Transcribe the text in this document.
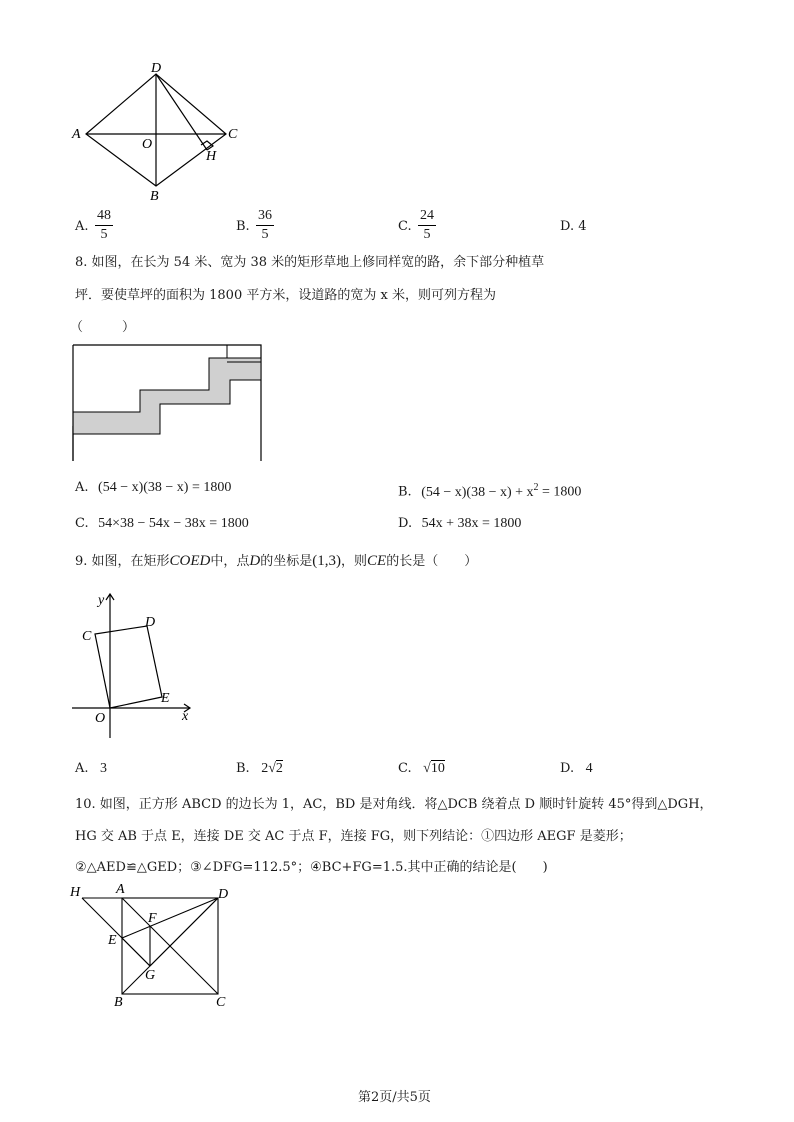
D
A	C
O
H
B
A.
48
5
B.
36
5
C.
24
5
D. 4
8. 如图，在长为 54 米、宽为 38 米的矩形草地上修同样宽的路，余下部分种植草
坪．要使草坪的面积为 1800 平方米，设道路的宽为 x 米，则可列方程为
（　　　）
A. (54 − x)(38 − x) = 1800	B. $(54 - x)(38 - x) + x^2 = 1800$
C. 54×38 − 54x − 38x = 1800	D. 54x + 38x = 1800
9. 如图，在矩形COED中，点D的坐标是(1,3)，则CE的长是（　　）
y
x
C
D
E
O
A. 3	B. 2√2	C. √10	D. 4
10. 如图，正方形 ABCD 的边长为 1，AC，BD 是对角线．将△DCB 绕着点 D 顺时针旋转 45°得到△DGH，
HG 交 AB 于点 E，连接 DE 交 AC 于点 F，连接 FG，则下列结论：①四边形 AEGF 是菱形；
②△AED≌△GED；③∠DFG=112.5°；④BC+FG=1.5.其中正确的结论是(　　)
H	A	D
F
E
G
B	C
第2页/共5页
